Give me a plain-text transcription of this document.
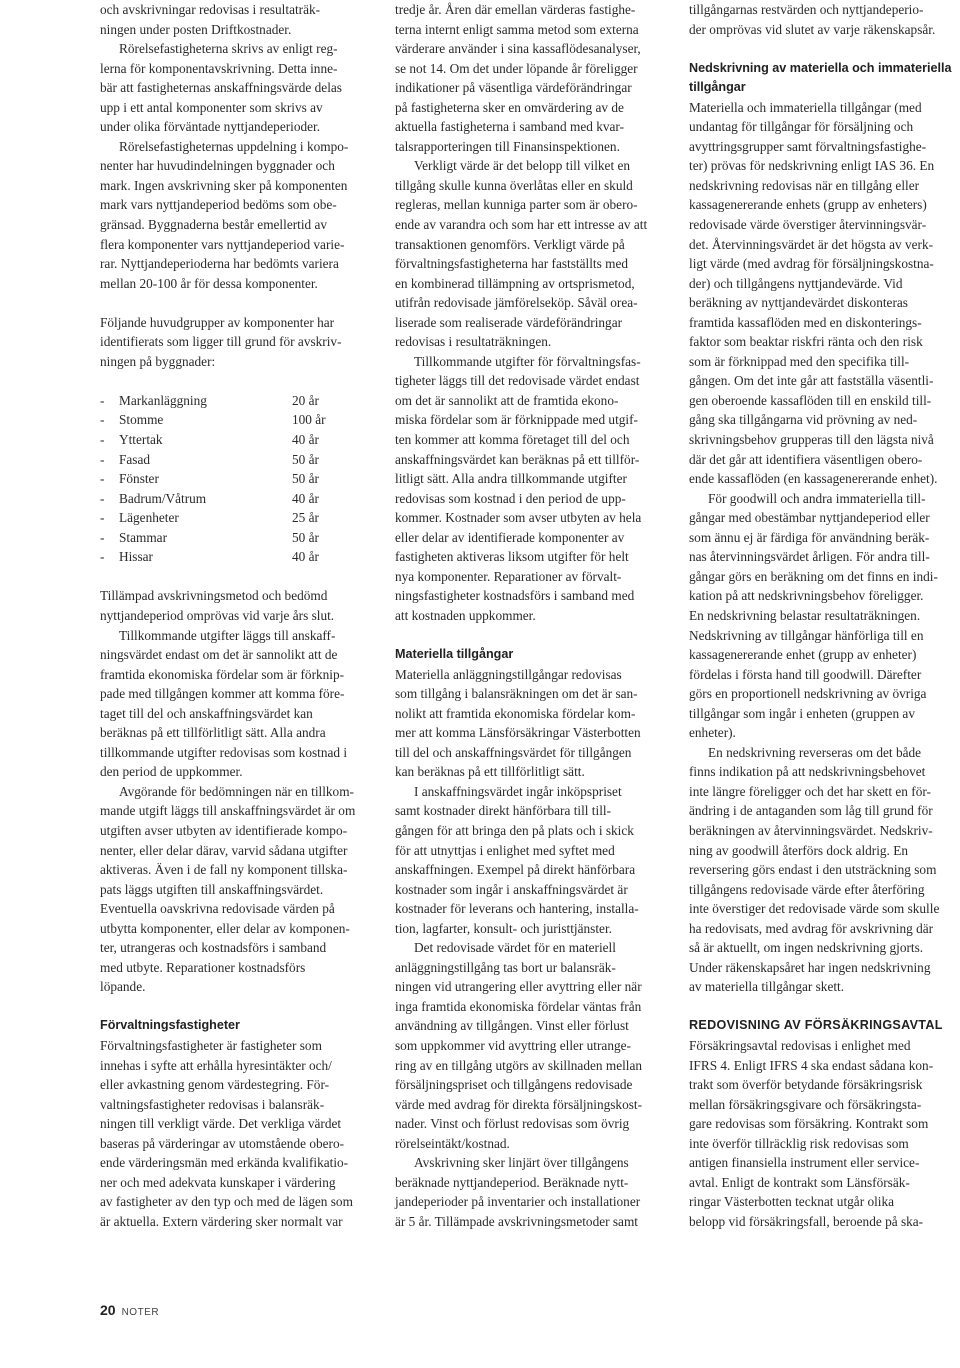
och avskrivningar redovisas i resultaträk-
ningen under posten Driftkostnader.
Rörelsefastigheterna skrivs av enligt reg-
lerna för komponentavskrivning. Detta inne-
bär att fastigheternas anskaffningsvärde delas
upp i ett antal komponenter som skrivs av
under olika förväntade nyttjandeperioder.
Rörelsefastigheternas uppdelning i kompo-
nenter har huvudindelningen byggnader och
mark. Ingen avskrivning sker på komponenten
mark vars nyttjandeperiod bedöms som obe-
gränsad. Byggnaderna består emellertid av
flera komponenter vars nyttjandeperiod varie-
rar. Nyttjandeperioderna har bedömts variera
mellan 20-100 år för dessa komponenter.
Följande huvudgrupper av komponenter har
identifierats som ligger till grund för avskriv-
ningen på byggnader:
-	Markanläggning	20 år
-	Stomme	100 år
-	Yttertak	40 år
-	Fasad	50 år
-	Fönster	50 år
-	Badrum/Våtrum	40 år
-	Lägenheter	25 år
-	Stammar	50 år
-	Hissar	40 år
Tillämpad avskrivningsmetod och bedömd
nyttjandeperiod omprövas vid varje års slut.
Tillkommande utgifter läggs till anskaff-
ningsvärdet endast om det är sannolikt att de
framtida ekonomiska fördelar som är förknip-
pade med tillgången kommer att komma före-
taget till del och anskaffningsvärdet kan
beräknas på ett tillförlitligt sätt. Alla andra
tillkommande utgifter redovisas som kostnad i
den period de uppkommer.
Avgörande för bedömningen när en tillkom-
mande utgift läggs till anskaffningsvärdet är om
utgiften avser utbyten av identifierade kompo-
nenter, eller delar därav, varvid sådana utgifter
aktiveras. Även i de fall ny komponent tillska-
pats läggs utgiften till anskaffningsvärdet.
Eventuella oavskrivna redovisade värden på
utbytta komponenter, eller delar av komponen-
ter, utrangeras och kostnadsförs i samband
med utbyte. Reparationer kostnadsförs
löpande.
Förvaltningsfastigheter
Förvaltningsfastigheter är fastigheter som
innehas i syfte att erhålla hyresintäkter och/
eller avkastning genom värdestegring. För-
valtningsfastigheter redovisas i balansräk-
ningen till verkligt värde. Det verkliga värdet
baseras på värderingar av utomstående obero-
ende värderingsmän med erkända kvalifikatio-
ner och med adekvata kunskaper i värdering
av fastigheter av den typ och med de lägen som
är aktuella. Extern värdering sker normalt var
tredje år. Åren där emellan värderas fastighe-
terna internt enligt samma metod som externa
värderare använder i sina kassaflödesanalyser,
se not 14. Om det under löpande år föreligger
indikationer på väsentliga värdeförändringar
på fastigheterna sker en omvärdering av de
aktuella fastigheterna i samband med kvar-
talsrapporteringen till Finansinspektionen.
Verkligt värde är det belopp till vilket en
tillgång skulle kunna överlåtas eller en skuld
regleras, mellan kunniga parter som är obero-
ende av varandra och som har ett intresse av att
transaktionen genomförs. Verkligt värde på
förvaltningsfastigheterna har fastställts med
en kombinerad tillämpning av ortsprismetod,
utifrån redovisade jämförelseköp. Såväl orea-
liserade som realiserade värdeförändringar
redovisas i resultaträkningen.
Tillkommande utgifter för förvaltningsfas-
tigheter läggs till det redovisade värdet endast
om det är sannolikt att de framtida ekono-
miska fördelar som är förknippade med utgif-
ten kommer att komma företaget till del och
anskaffningsvärdet kan beräknas på ett tillför-
litligt sätt. Alla andra tillkommande utgifter
redovisas som kostnad i den period de upp-
kommer. Kostnader som avser utbyten av hela
eller delar av identifierade komponenter av
fastigheten aktiveras liksom utgifter för helt
nya komponenter. Reparationer av förvalt-
ningsfastigheter kostnadsförs i samband med
att kostnaden uppkommer.
Materiella tillgångar
Materiella anläggningstillgångar redovisas
som tillgång i balansräkningen om det är san-
nolikt att framtida ekonomiska fördelar kom-
mer att komma Länsförsäkringar Västerbotten
till del och anskaffningsvärdet för tillgången
kan beräknas på ett tillförlitligt sätt.
I anskaffningsvärdet ingår inköpspriset
samt kostnader direkt hänförbara till till-
gången för att bringa den på plats och i skick
för att utnyttjas i enlighet med syftet med
anskaffningen. Exempel på direkt hänförbara
kostnader som ingår i anskaffningsvärdet är
kostnader för leverans och hantering, installa-
tion, lagfarter, konsult- och juristtjänster.
Det redovisade värdet för en materiell
anläggningstillgång tas bort ur balansräk-
ningen vid utrangering eller avyttring eller när
inga framtida ekonomiska fördelar väntas från
användning av tillgången. Vinst eller förlust
som uppkommer vid avyttring eller utrange-
ring av en tillgång utgörs av skillnaden mellan
försäljningspriset och tillgångens redovisade
värde med avdrag för direkta försäljningskost-
nader. Vinst och förlust redovisas som övrig
rörelseintäkt/kostnad.
Avskrivning sker linjärt över tillgångens
beräknade nyttjandeperiod. Beräknade nytt-
jandeperioder på inventarier och installationer
är 5 år. Tillämpade avskrivningsmetoder samt
tillgångarnas restvärden och nyttjandeperio-
der omprövas vid slutet av varje räkenskapsår.
Nedskrivning av materiella och immateriella
tillgångar
Materiella och immateriella tillgångar (med
undantag för tillgångar för försäljning och
avyttringsgrupper samt förvaltningsfastighe-
ter) prövas för nedskrivning enligt IAS 36. En
nedskrivning redovisas när en tillgång eller
kassagenererande enhets (grupp av enheters)
redovisade värde överstiger återvinningsvär-
det. Återvinningsvärdet är det högsta av verk-
ligt värde (med avdrag för försäljningskostna-
der) och tillgångens nyttjandevärde. Vid
beräkning av nyttjandevärdet diskonteras
framtida kassaflöden med en diskonterings-
faktor som beaktar riskfri ränta och den risk
som är förknippad med den specifika till-
gången. Om det inte går att fastställa väsentli-
gen oberoende kassaflöden till en enskild till-
gång ska tillgångarna vid prövning av ned-
skrivningsbehov grupperas till den lägsta nivå
där det går att identifiera väsentligen obero-
ende kassaflöden (en kassagenererande enhet).
För goodwill och andra immateriella till-
gångar med obestämbar nyttjandeperiod eller
som ännu ej är färdiga för användning beräk-
nas återvinningsvärdet årligen. För andra till-
gångar görs en beräkning om det finns en indi-
kation på att nedskrivningsbehov föreligger.
En nedskrivning belastar resultaträkningen.
Nedskrivning av tillgångar hänförliga till en
kassagenererande enhet (grupp av enheter)
fördelas i första hand till goodwill. Därefter
görs en proportionell nedskrivning av övriga
tillgångar som ingår i enheten (gruppen av
enheter).
En nedskrivning reverseras om det både
finns indikation på att nedskrivningsbehovet
inte längre föreligger och det har skett en för-
ändring i de antaganden som låg till grund för
beräkningen av återvinningsvärdet. Nedskriv-
ning av goodwill återförs dock aldrig. En
reversering görs endast i den utsträckning som
tillgångens redovisade värde efter återföring
inte överstiger det redovisade värde som skulle
ha redovisats, med avdrag för avskrivning där
så är aktuellt, om ingen nedskrivning gjorts.
Under räkenskapsåret har ingen nedskrivning
av materiella tillgångar skett.
REDOVISNING AV FÖRSÄKRINGSAVTAL
Försäkringsavtal redovisas i enlighet med
IFRS 4. Enligt IFRS 4 ska endast sådana kon-
trakt som överför betydande försäkringsrisk
mellan försäkringsgivare och försäkringsta-
gare redovisas som försäkring. Kontrakt som
inte överför tillräcklig risk redovisas som
antigen finansiella instrument eller service-
avtal. Enligt de kontrakt som Länsförsäk-
ringar Västerbotten tecknat utgår olika
belopp vid försäkringsfall, beroende på ska-
20 NOTER
